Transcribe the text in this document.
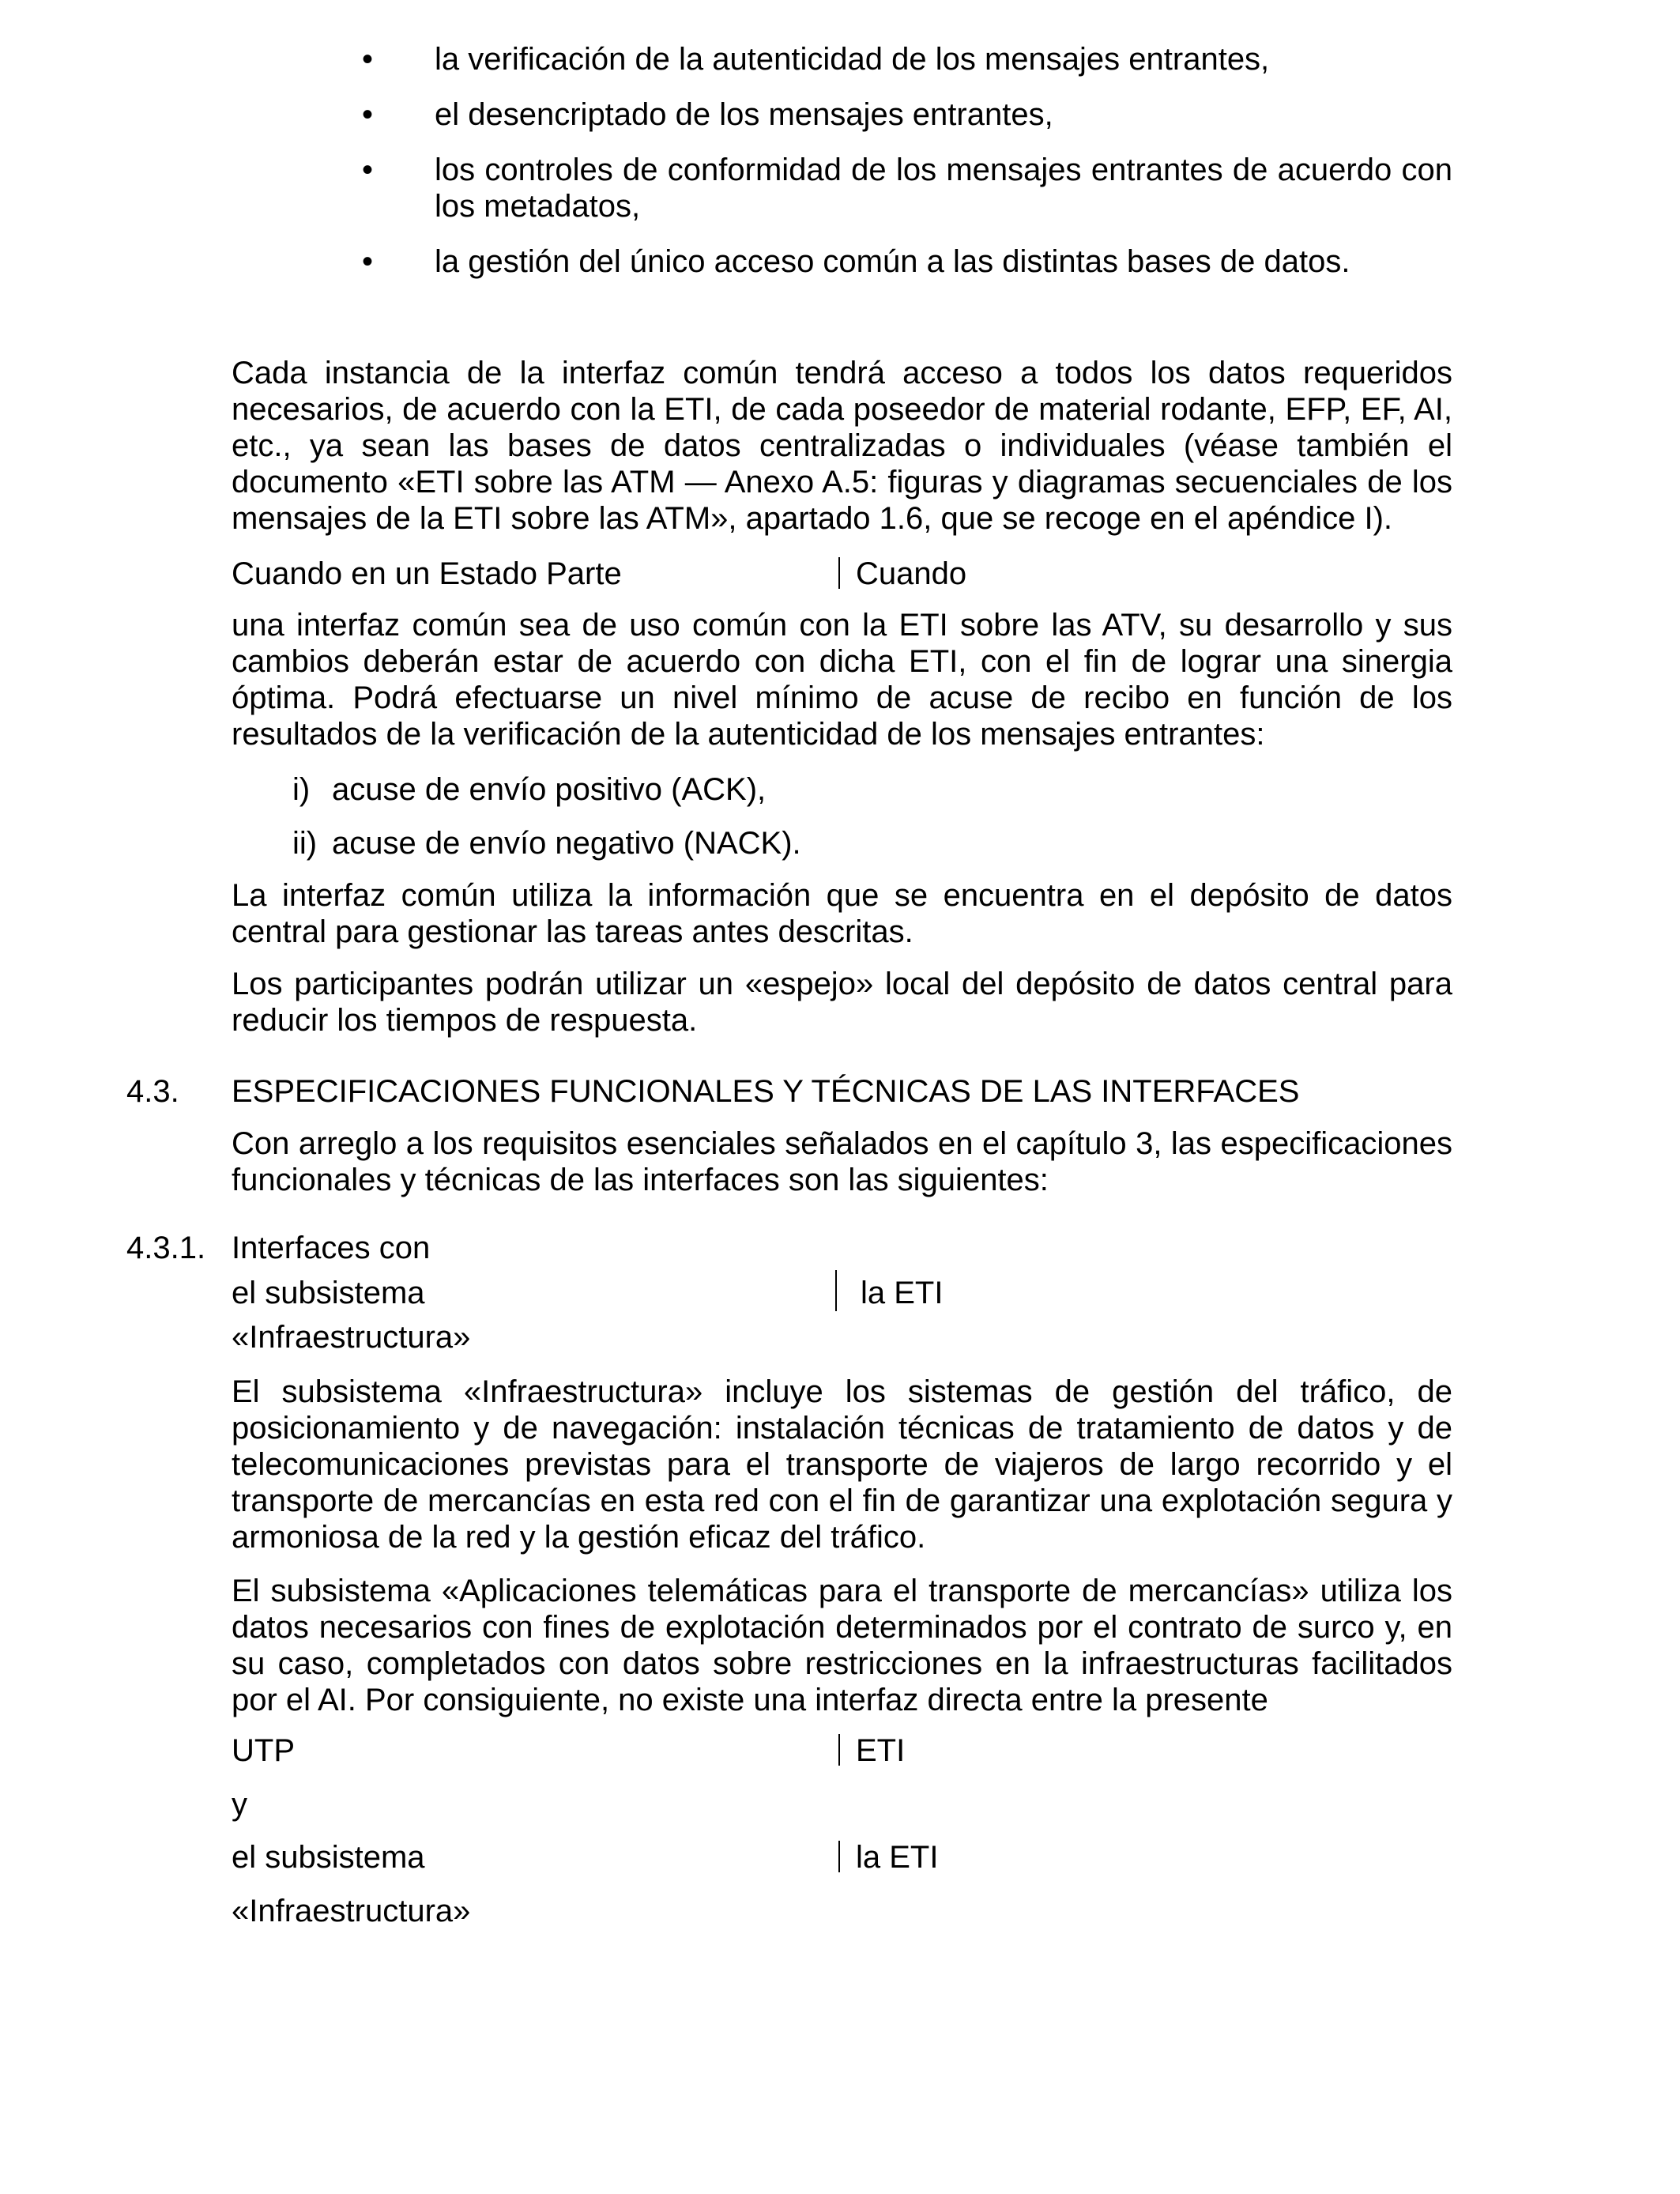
•	la verificación de la autenticidad de los mensajes entrantes,
•	el desencriptado de los mensajes entrantes,
•	los controles de conformidad de los mensajes entrantes de acuerdo con los metadatos,
•	la gestión del único acceso común a las distintas bases de datos.

Cada instancia de la interfaz común tendrá acceso a todos los datos requeridos necesarios, de acuerdo con la ETI, de cada poseedor de material rodante, EFP, EF, AI, etc., ya sean las bases de datos centralizadas o individuales (véase también el documento «ETI sobre las ATM — Anexo A.5: figuras y diagramas secuenciales de los mensajes de la ETI sobre las ATM», apartado 1.6, que se recoge en el apéndice I).

Cuando en un Estado Parte	Cuando

una interfaz común sea de uso común con la ETI sobre las ATV, su desarrollo y sus cambios deberán estar de acuerdo con dicha ETI, con el fin de lograr una sinergia óptima. Podrá efectuarse un nivel mínimo de acuse de recibo en función de los resultados de la verificación de la autenticidad de los mensajes entrantes:

i) acuse de envío positivo (ACK),
ii) acuse de envío negativo (NACK).

La interfaz común utiliza la información que se encuentra en el depósito de datos central para gestionar las tareas antes descritas.

Los participantes podrán utilizar un «espejo» local del depósito de datos central para reducir los tiempos de respuesta.

4.3. ESPECIFICACIONES FUNCIONALES Y TÉCNICAS DE LAS INTERFACES

Con arreglo a los requisitos esenciales señalados en el capítulo 3, las especificaciones funcionales y técnicas de las interfaces son las siguientes:

4.3.1. Interfaces con
el subsistema	la ETI
«Infraestructura»

El subsistema «Infraestructura» incluye los sistemas de gestión del tráfico, de posicionamiento y de navegación: instalación técnicas de tratamiento de datos y de telecomunicaciones previstas para el transporte de viajeros de largo recorrido y el transporte de mercancías en esta red con el fin de garantizar una explotación segura y armoniosa de la red y la gestión eficaz del tráfico.

El subsistema «Aplicaciones telemáticas para el transporte de mercancías» utiliza los datos necesarios con fines de explotación determinados por el contrato de surco y, en su caso, completados con datos sobre restricciones en la infraestructuras facilitados por el AI. Por consiguiente, no existe una interfaz directa entre la presente

UTP	ETI
y
el subsistema	la ETI
«Infraestructura»
